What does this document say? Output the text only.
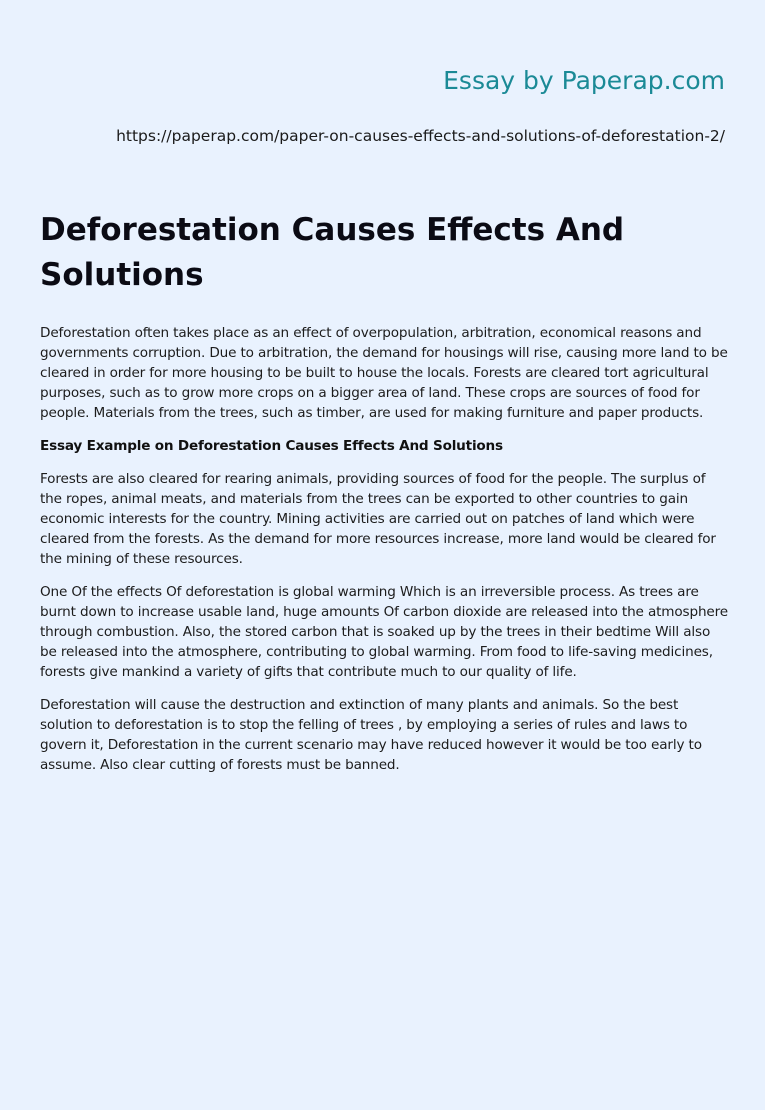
Essay by Paperap.com
https://paperap.com/paper-on-causes-effects-and-solutions-of-deforestation-2/
Deforestation Causes Effects And Solutions

Deforestation often takes place as an effect of overpopulation, arbitration, economical reasons and governments corruption. Due to arbitration, the demand for housings will rise, causing more land to be cleared in order for more housing to be built to house the locals. Forests are cleared tort agricultural purposes, such as to grow more crops on a bigger area of land. These crops are sources of food for people. Materials from the trees, such as timber, are used for making furniture and paper products.

Essay Example on Deforestation Causes Effects And Solutions

Forests are also cleared for rearing animals, providing sources of food for the people. The surplus of the ropes, animal meats, and materials from the trees can be exported to other countries to gain economic interests for the country. Mining activities are carried out on patches of land which were cleared from the forests. As the demand for more resources increase, more land would be cleared for the mining of these resources.

One Of the effects Of deforestation is global warming Which is an irreversible process. As trees are burnt down to increase usable land, huge amounts Of carbon dioxide are released into the atmosphere through combustion. Also, the stored carbon that is soaked up by the trees in their bedtime Will also be released into the atmosphere, contributing to global warming. From food to life-saving medicines, forests give mankind a variety of gifts that contribute much to our quality of life.

Deforestation will cause the destruction and extinction of many plants and animals. So the best solution to deforestation is to stop the felling of trees , by employing a series of rules and laws to govern it, Deforestation in the current scenario may have reduced however it would be too early to assume. Also clear cutting of forests must be banned.
